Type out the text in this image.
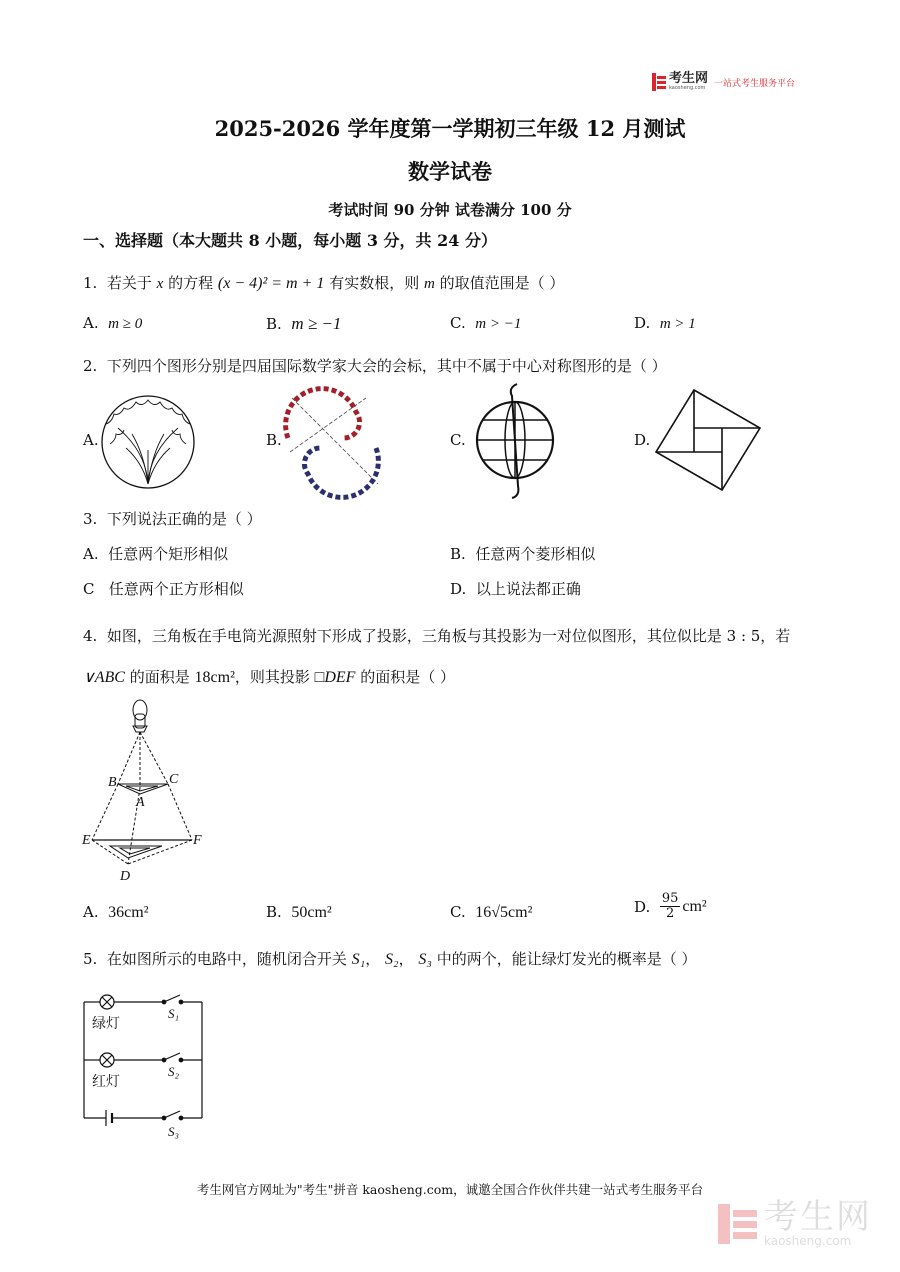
考生网
kaosheng.com 一站式考生服务平台
2025-2026 学年度第一学期初三年级 12 月测试
数学试卷
考试时间 90 分钟 试卷满分 100 分
一、选择题（本大题共 8 小题，每小题 3 分，共 24 分）
1. 若关于 x 的方程 (x − 4)² = m + 1 有实数根，则 m 的取值范围是（ ）
A. m ≥ 0	B. m ≥ −1	C. m > −1	D. m > 1
2. 下列四个图形分别是四届国际数学家大会的会标，其中不属于中心对称图形的是（ ）
A.	B.	C.	D.
3. 下列说法正确的是（ ）
A. 任意两个矩形相似	B. 任意两个菱形相似
C 任意两个正方形相似	D. 以上说法都正确
4. 如图，三角板在手电筒光源照射下形成了投影，三角板与其投影为一对位似图形，其位似比是 3 : 5，若
∨ABC 的面积是 18cm²，则其投影 □DEF 的面积是（ ）
B	C
A
E	F
D
A. 36cm²	B. 50cm²	C. 16√5cm²	D.
$\frac{95}{2} cm^2$
5. 在如图所示的电路中，随机闭合开关 S₁， S₂， S₃ 中的两个，能让绿灯发光的概率是（ ）
绿灯
红灯
S₁
S₂
S₃
考生网官方网址为"考生"拼音 kaosheng.com，诚邀全国合作伙伴共建一站式考生服务平台
考生网
kaosheng.com
